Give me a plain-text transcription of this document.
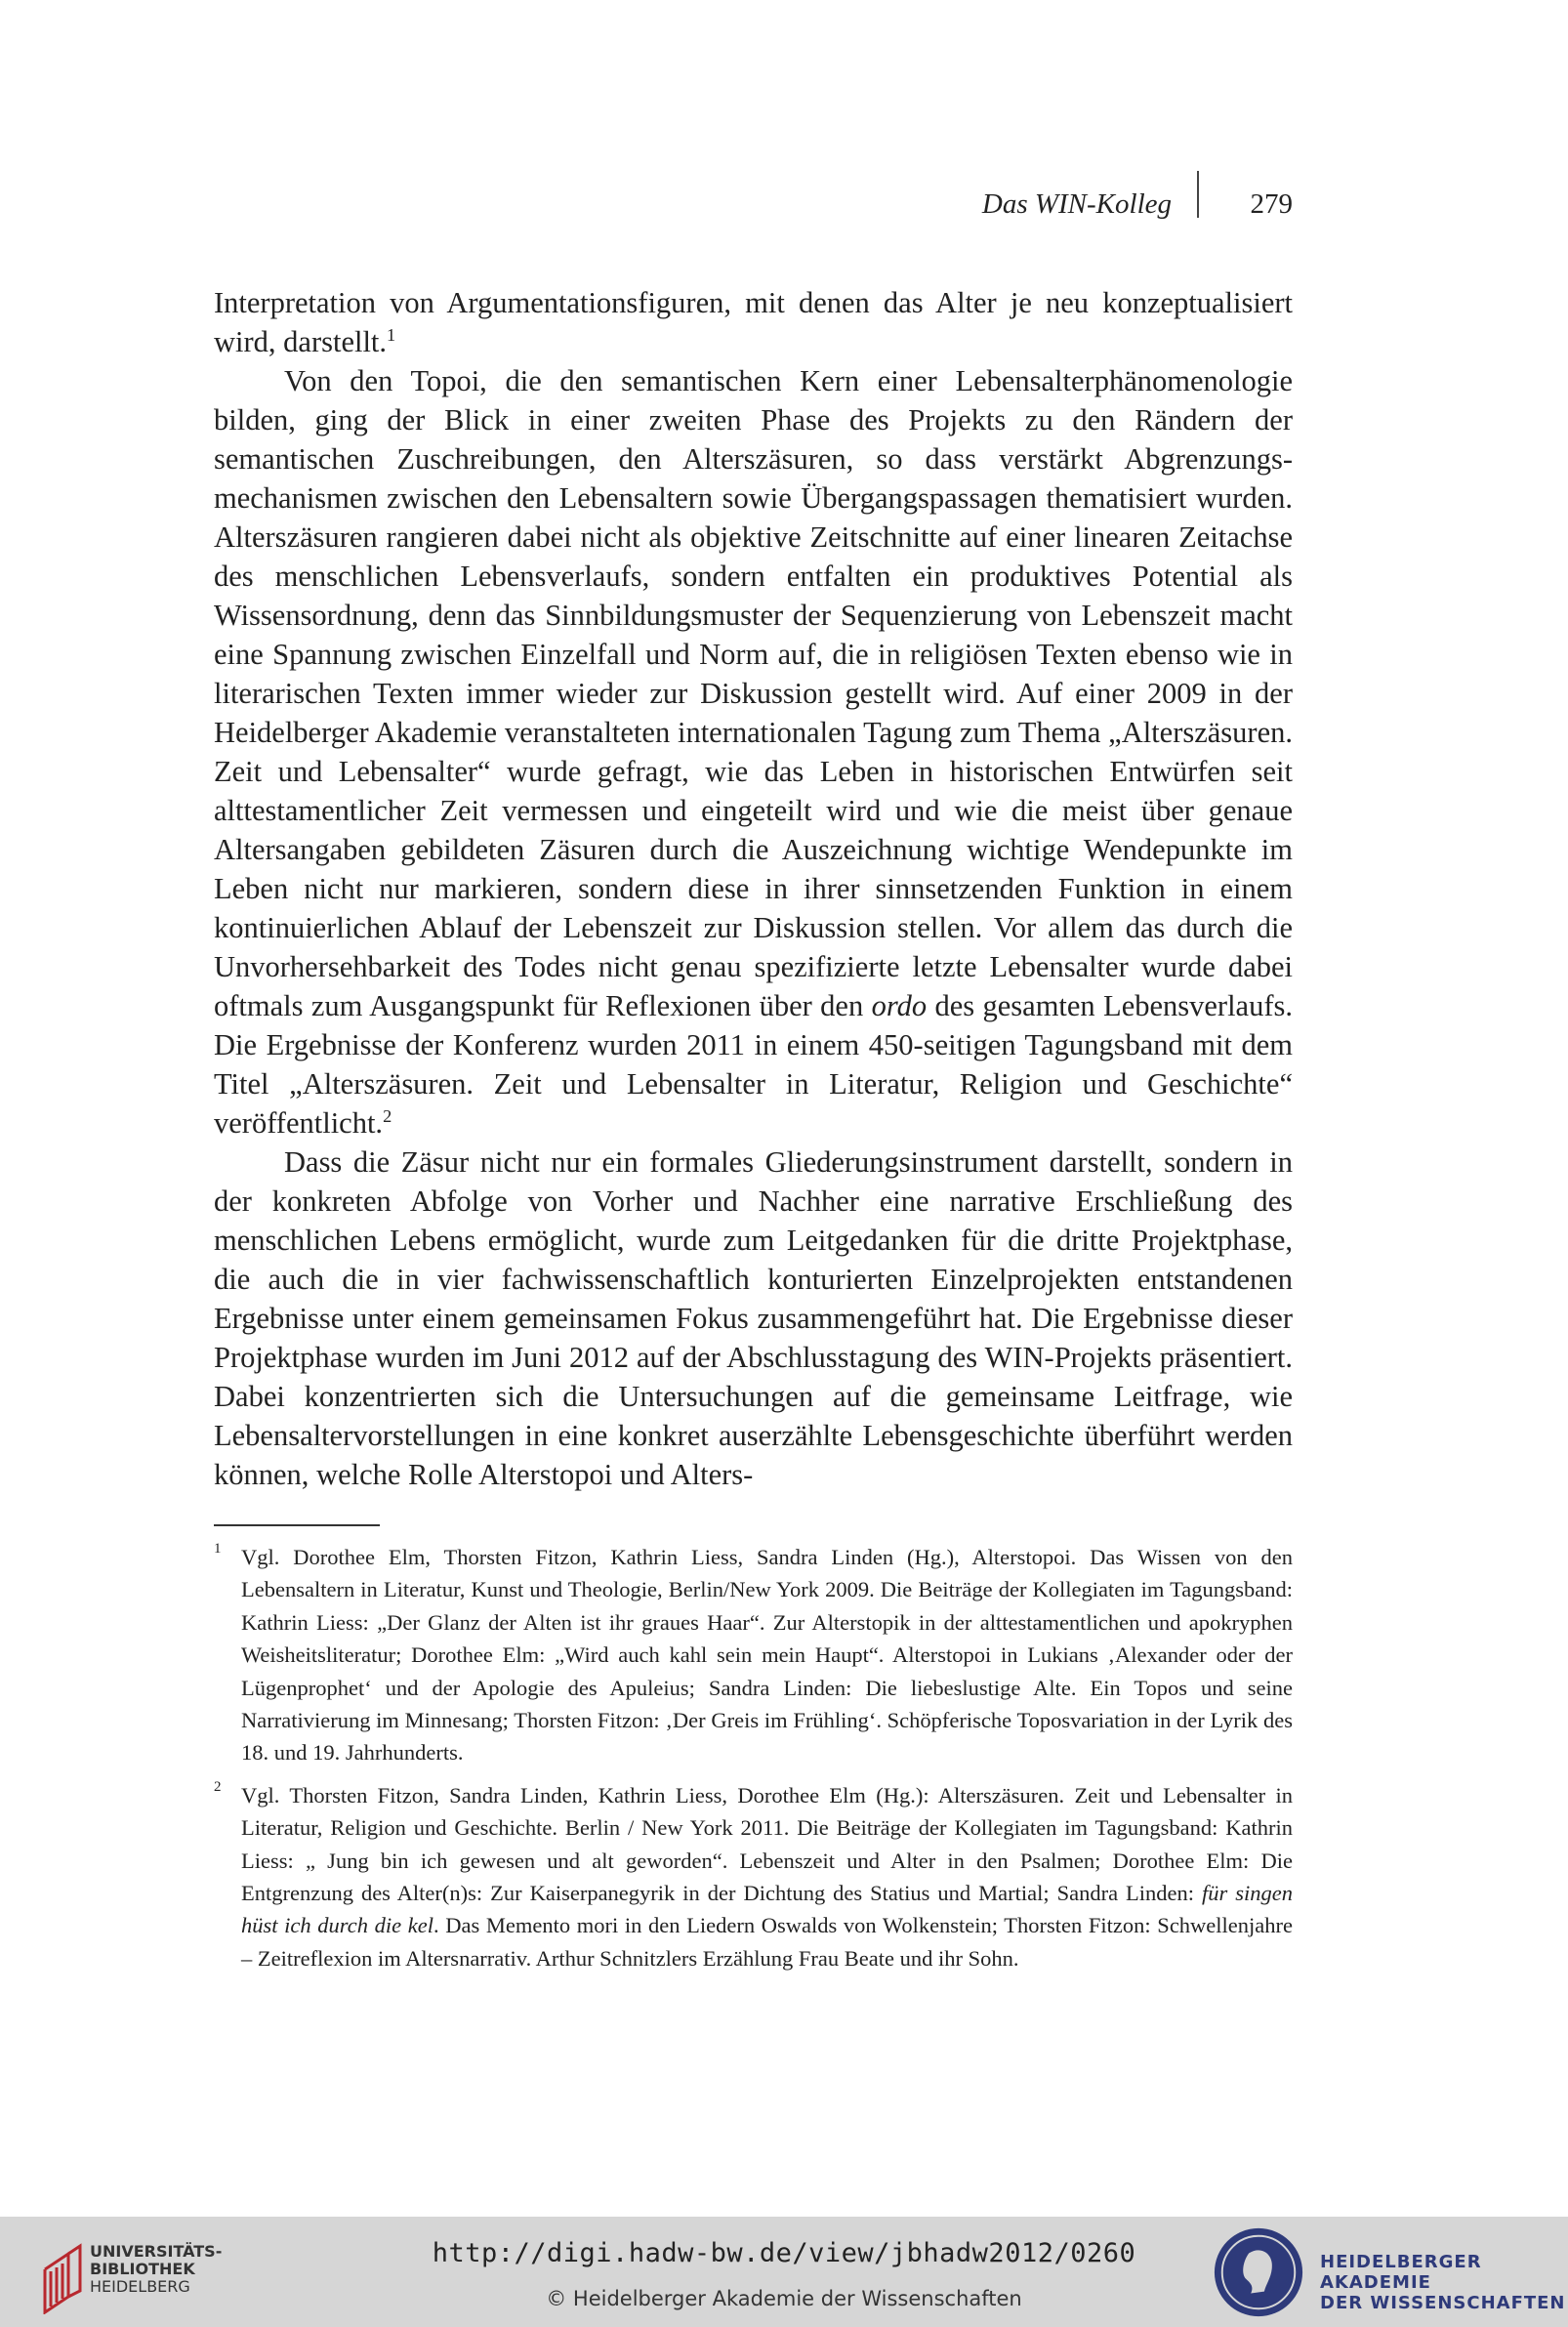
Das WIN-Kolleg	279

Interpretation von Argumentationsfiguren, mit denen das Alter je neu konzeptualisiert wird, darstellt.$^1$

Von den Topoi, die den semantischen Kern einer Lebensalterphänomenologie bilden, ging der Blick in einer zweiten Phase des Projekts zu den Rändern der semantischen Zuschreibungen, den Alterszäsuren, so dass verstärkt Abgrenzungsmechanismen zwischen den Lebensaltern sowie Übergangspassagen thematisiert wurden. Alterszäsuren rangieren dabei nicht als objektive Zeitschnitte auf einer linearen Zeitachse des menschlichen Lebensverlaufs, sondern entfalten ein produktives Potential als Wissensordnung, denn das Sinnbildungsmuster der Sequenzierung von Lebenszeit macht eine Spannung zwischen Einzelfall und Norm auf, die in religiösen Texten ebenso wie in literarischen Texten immer wieder zur Diskussion gestellt wird. Auf einer 2009 in der Heidelberger Akademie veranstalteten internationalen Tagung zum Thema „Alterszäsuren. Zeit und Lebensalter“ wurde gefragt, wie das Leben in historischen Entwürfen seit alttestamentlicher Zeit vermessen und eingeteilt wird und wie die meist über genaue Altersangaben gebildeten Zäsuren durch die Auszeichnung wichtige Wendepunkte im Leben nicht nur markieren, sondern diese in ihrer sinnsetzenden Funktion in einem kontinuierlichen Ablauf der Lebenszeit zur Diskussion stellen. Vor allem das durch die Unvorhersehbarkeit des Todes nicht genau spezifizierte letzte Lebensalter wurde dabei oftmals zum Ausgangspunkt für Reflexionen über den ordo des gesamten Lebensverlaufs. Die Ergebnisse der Konferenz wurden 2011 in einem 450-seitigen Tagungsband mit dem Titel „Alterszäsuren. Zeit und Lebensalter in Literatur, Religion und Geschichte“ veröffentlicht.$^2$

Dass die Zäsur nicht nur ein formales Gliederungsinstrument darstellt, sondern in der konkreten Abfolge von Vorher und Nachher eine narrative Erschließung des menschlichen Lebens ermöglicht, wurde zum Leitgedanken für die dritte Projektphase, die auch die in vier fachwissenschaftlich konturierten Einzelprojekten entstandenen Ergebnisse unter einem gemeinsamen Fokus zusammengeführt hat. Die Ergebnisse dieser Projektphase wurden im Juni 2012 auf der Abschlusstagung des WIN-Projekts präsentiert. Dabei konzentrierten sich die Untersuchungen auf die gemeinsame Leitfrage, wie Lebensaltervorstellungen in eine konkret auserzählte Lebensgeschichte überführt werden können, welche Rolle Alterstopoi und Alters-

1 Vgl. Dorothee Elm, Thorsten Fitzon, Kathrin Liess, Sandra Linden (Hg.), Alterstopoi. Das Wissen von den Lebensaltern in Literatur, Kunst und Theologie, Berlin/New York 2009. Die Beiträge der Kollegiaten im Tagungsband: Kathrin Liess: „Der Glanz der Alten ist ihr graues Haar“. Zur Alterstopik in der alttestamentlichen und apokryphen Weisheitsliteratur; Dorothee Elm: „Wird auch kahl sein mein Haupt“. Alterstopoi in Lukians ‚Alexander oder der Lügenprophet‘ und der Apologie des Apuleius; Sandra Linden: Die liebeslustige Alte. Ein Topos und seine Narrativierung im Minnesang; Thorsten Fitzon: ‚Der Greis im Frühling‘. Schöpferische Toposvariation in der Lyrik des 18. und 19. Jahrhunderts.
2 Vgl. Thorsten Fitzon, Sandra Linden, Kathrin Liess, Dorothee Elm (Hg.): Alterszäsuren. Zeit und Lebensalter in Literatur, Religion und Geschichte. Berlin / New York 2011. Die Beiträge der Kollegiaten im Tagungsband: Kathrin Liess: „ Jung bin ich gewesen und alt geworden“. Lebenszeit und Alter in den Psalmen; Dorothee Elm: Die Entgrenzung des Alter(n)s: Zur Kaiserpanegyrik in der Dichtung des Statius und Martial; Sandra Linden: für singen hüst ich durch die kel. Das Memento mori in den Liedern Oswalds von Wolkenstein; Thorsten Fitzon: Schwellenjahre – Zeitreflexion im Altersnarrativ. Arthur Schnitzlers Erzählung Frau Beate und ihr Sohn.
UNIVERSITÄTS-
BIBLIOTHEK
HEIDELBERG
http://digi.hadw-bw.de/view/jbhadw2012/0260
© Heidelberger Akademie der Wissenschaften
HEIDELBERGER AKADEMIE
DER WISSENSCHAFTEN
